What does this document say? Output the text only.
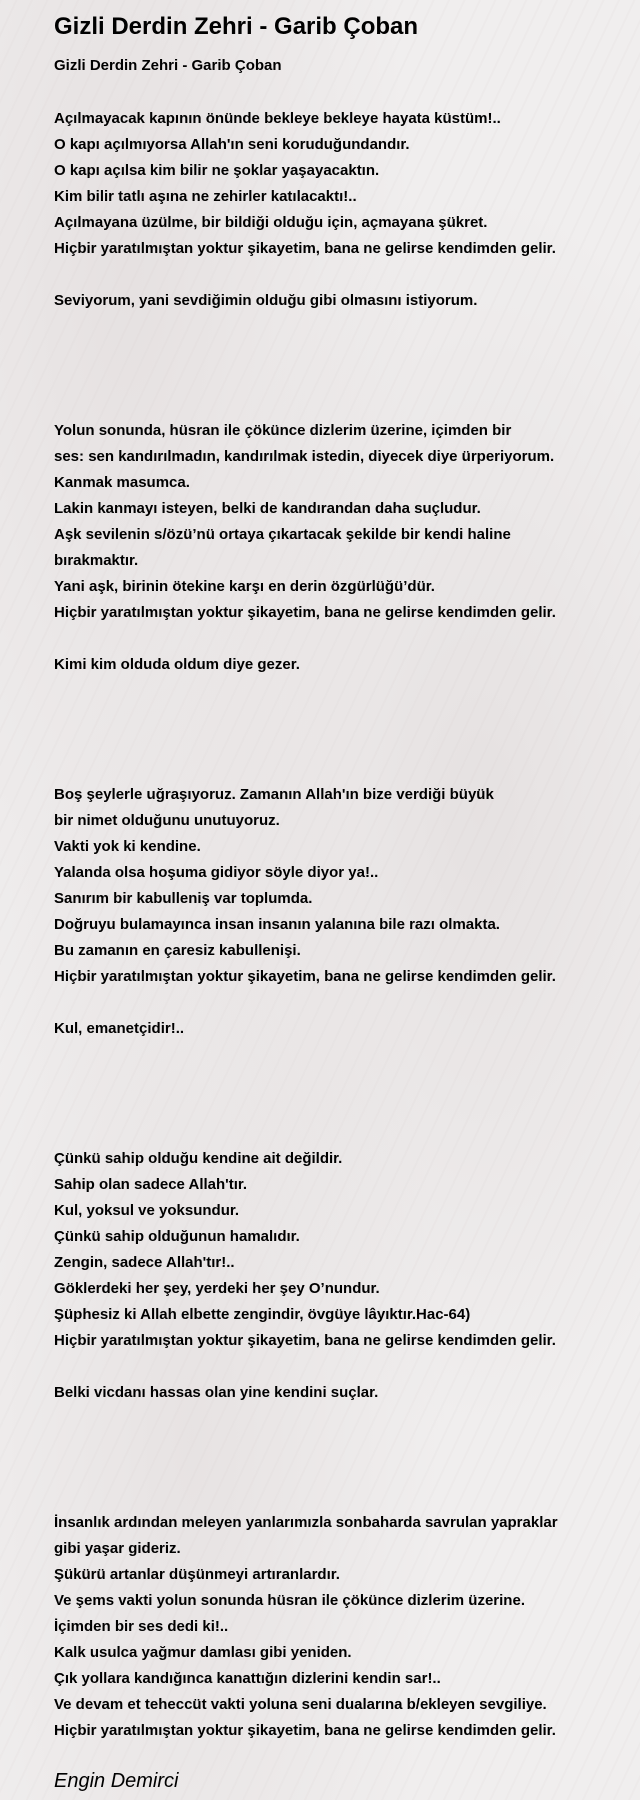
Gizli Derdin Zehri - Garib Çoban
Gizli Derdin Zehri - Garib Çoban
Açılmayacak kapının önünde bekleye bekleye hayata küstüm!..
O kapı açılmıyorsa Allah'ın seni koruduğundandır.
O kapı açılsa kim bilir ne şoklar yaşayacaktın.
Kim bilir tatlı aşına ne zehirler katılacaktı!..
Açılmayana üzülme, bir bildiği olduğu için, açmayana şükret.
Hiçbir yaratılmıştan yoktur şikayetim, bana ne gelirse kendimden gelir.
Seviyorum, yani sevdiğimin olduğu gibi olmasını istiyorum.
Yolun sonunda, hüsran ile çökünce dizlerim üzerine, içimden bir
ses: sen kandırılmadın, kandırılmak istedin, diyecek diye ürperiyorum.
Kanmak masumca.
Lakin kanmayı isteyen, belki de kandırandan daha suçludur.
Aşk sevilenin s/özü’nü ortaya çıkartacak şekilde bir kendi haline
bırakmaktır.
Yani aşk, birinin ötekine karşı en derin özgürlüğü’dür.
Hiçbir yaratılmıştan yoktur şikayetim, bana ne gelirse kendimden gelir.
Kimi kim olduda oldum diye gezer.
Boş şeylerle uğraşıyoruz. Zamanın Allah'ın bize verdiği büyük
bir nimet olduğunu unutuyoruz.
Vakti yok ki kendine.
Yalanda olsa hoşuma gidiyor söyle diyor ya!..
Sanırım bir kabulleniş var toplumda.
Doğruyu bulamayınca insan insanın yalanına bile razı olmakta.
Bu zamanın en çaresiz kabullenişi.
Hiçbir yaratılmıştan yoktur şikayetim, bana ne gelirse kendimden gelir.
Kul, emanetçidir!..
Çünkü sahip olduğu kendine ait değildir.
Sahip olan sadece Allah'tır.
Kul, yoksul ve yoksundur.
Çünkü sahip olduğunun hamalıdır.
Zengin, sadece Allah'tır!..
Göklerdeki her şey, yerdeki her şey O’nundur.
Şüphesiz ki Allah elbette zengindir, övgüye lâyıktır.Hac-64)
Hiçbir yaratılmıştan yoktur şikayetim, bana ne gelirse kendimden gelir.
Belki vicdanı hassas olan yine kendini suçlar.
İnsanlık ardından meleyen yanlarımızla sonbaharda savrulan yapraklar
gibi yaşar gideriz.
Şükürü artanlar düşünmeyi artıranlardır.
Ve şems vakti yolun sonunda hüsran ile çökünce dizlerim üzerine.
İçimden bir ses dedi ki!..
Kalk usulca yağmur damlası gibi yeniden.
Çık yollara kandığınca kanattığın dizlerini kendin sar!..
Ve devam et teheccüt vakti yoluna seni dualarına b/ekleyen sevgiliye.
Hiçbir yaratılmıştan yoktur şikayetim, bana ne gelirse kendimden gelir.
Engin Demirci
